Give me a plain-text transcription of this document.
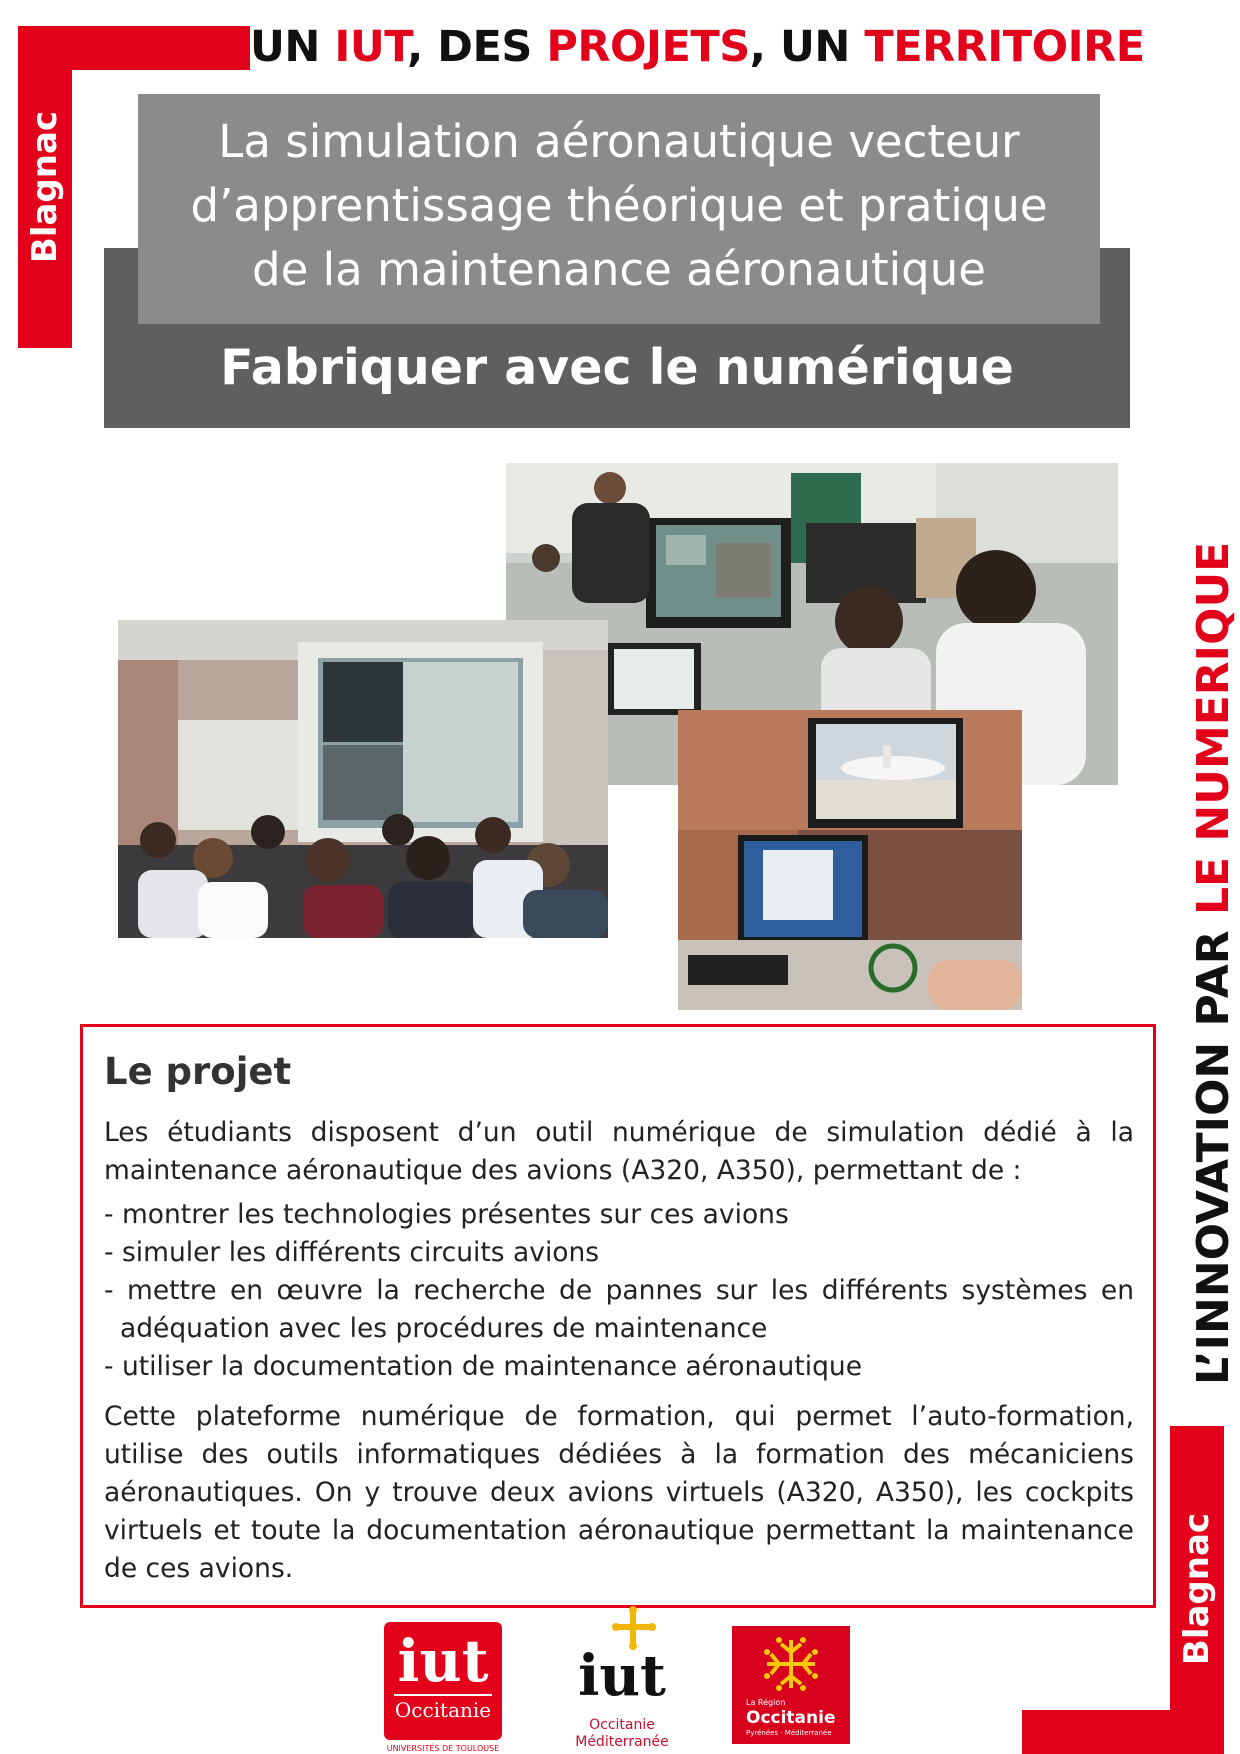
Blagnac
UN IUT, DES PROJETS, UN TERRITOIRE
La simulation aéronautique vecteur
d’apprentissage théorique et pratique
de la maintenance aéronautique
Fabriquer avec le numérique
L’INNOVATION PAR LE NUMERIQUE
Le projet

Les étudiants disposent d’un outil numérique de simulation dédié à la maintenance aéronautique des avions (A320, A350), permettant de :

- montrer les technologies présentes sur ces avions
- simuler les différents circuits avions
- mettre en œuvre la recherche de pannes sur les différents systèmes en adéquation avec les procédures de maintenance
- utiliser la documentation de maintenance aéronautique

Cette plateforme numérique de formation, qui permet l’auto-formation, utilise des outils informatiques dédiées à la formation des mécaniciens aéronautiques. On y trouve deux avions virtuels (A320, A350), les cockpits virtuels et toute la documentation aéronautique permettant la maintenance de ces avions.	Blagnac
iut
Occitanie
UNIVERSITÉS DE TOULOUSE
iut
Occitanie
Méditerranée
La Région
Occitanie
Pyrénées · Méditerranée
